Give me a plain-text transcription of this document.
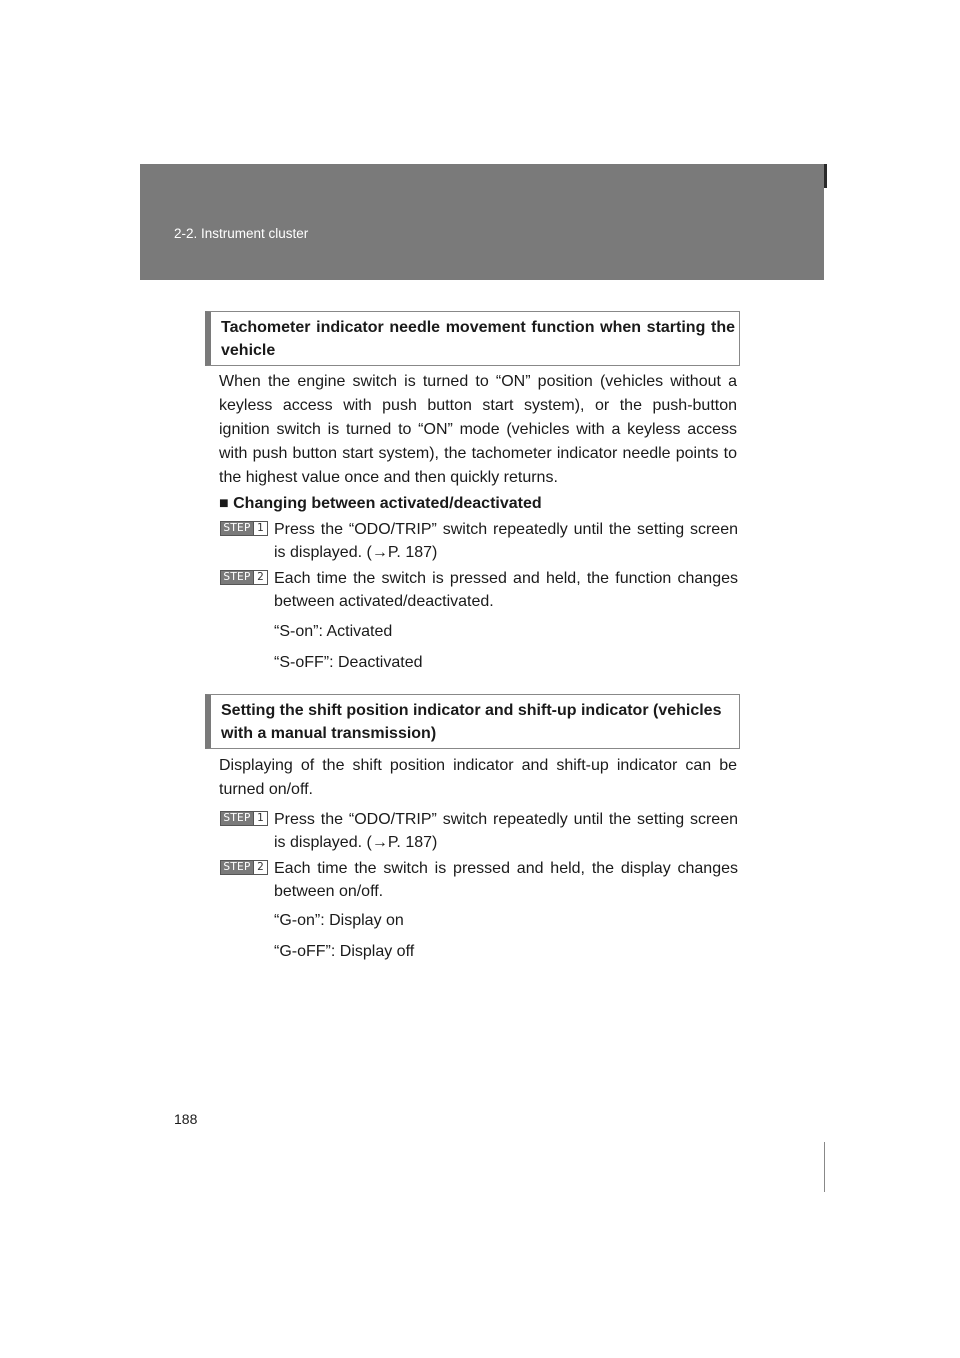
2-2. Instrument cluster
Tachometer indicator needle movement function when starting the vehicle
When the engine switch is turned to “ON” position (vehicles without a keyless access with push button start system), or the push-button ignition switch is turned to “ON” mode (vehicles with a keyless access with push button start system), the tachometer indicator needle points to the highest value once and then quickly returns.
■ Changing between activated/deactivated
STEP 1 Press the “ODO/TRIP” switch repeatedly until the setting screen is displayed. (→P. 187)
STEP 2 Each time the switch is pressed and held, the function changes between activated/deactivated.
“S-on”: Activated
“S-oFF”: Deactivated
Setting the shift position indicator and shift-up indicator (vehicles with a manual transmission)
Displaying of the shift position indicator and shift-up indicator can be turned on/off.
STEP 1 Press the “ODO/TRIP” switch repeatedly until the setting screen is displayed. (→P. 187)
STEP 2 Each time the switch is pressed and held, the display changes between on/off.
“G-on”: Display on
“G-oFF”: Display off
188
